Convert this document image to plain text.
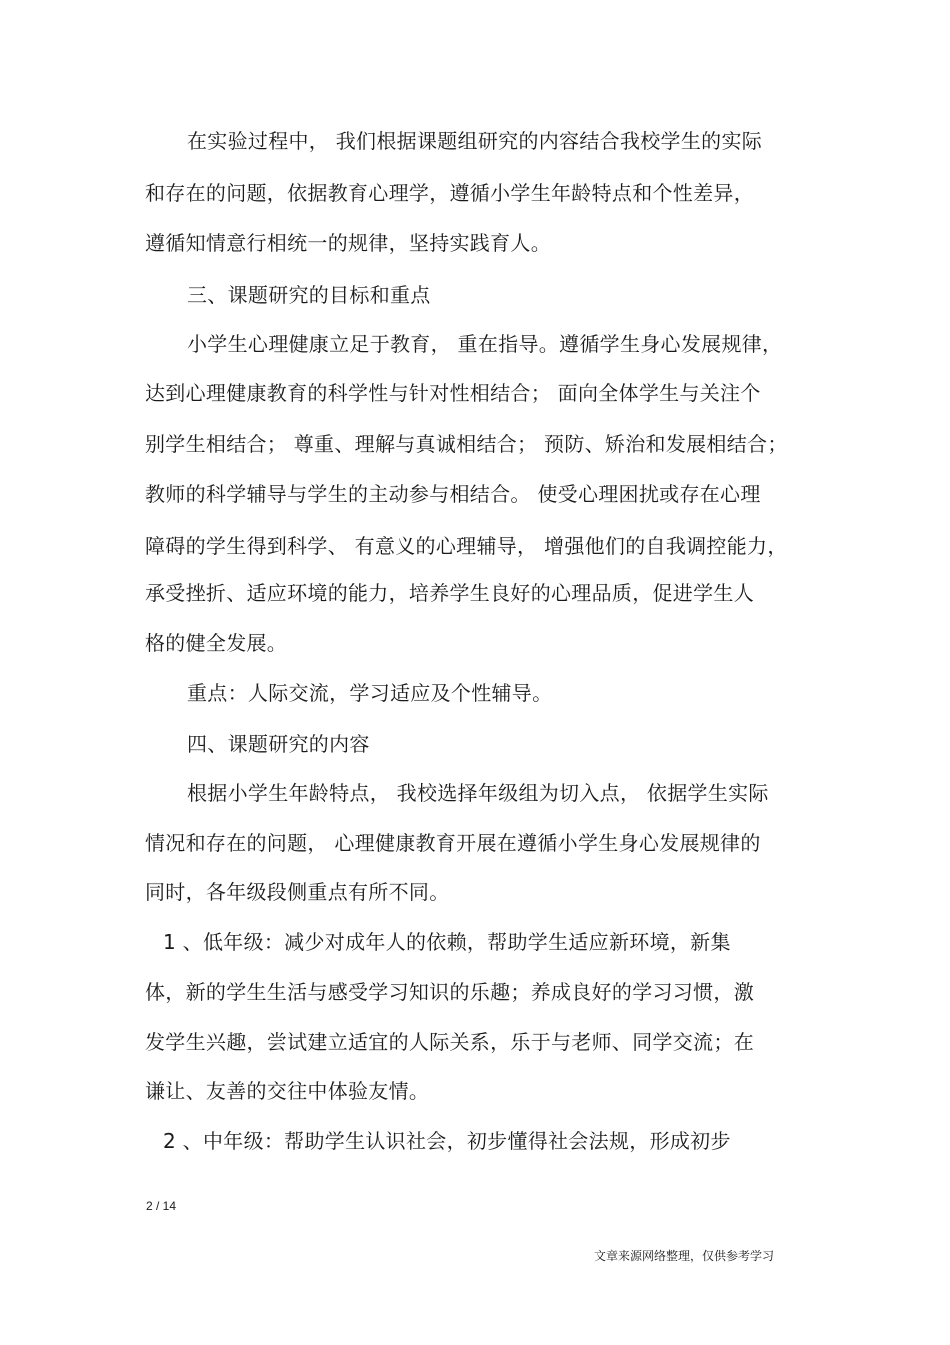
在实验过程中， 我们根据课题组研究的内容结合我校学生的实际

和存在的问题，依据教育心理学，遵循小学生年龄特点和个性差异，

遵循知情意行相统一的规律，坚持实践育人。

三、课题研究的目标和重点

小学生心理健康立足于教育， 重在指导。遵循学生身心发展规律，

达到心理健康教育的科学性与针对性相结合； 面向全体学生与关注个

别学生相结合； 尊重、理解与真诚相结合； 预防、矫治和发展相结合；

教师的科学辅导与学生的主动参与相结合。 使受心理困扰或存在心理

障碍的学生得到科学、 有意义的心理辅导， 增强他们的自我调控能力，

承受挫折、适应环境的能力，培养学生良好的心理品质，促进学生人

格的健全发展。

重点：人际交流，学习适应及个性辅导。

四、课题研究的内容

根据小学生年龄特点， 我校选择年级组为切入点， 依据学生实际

情况和存在的问题， 心理健康教育开展在遵循小学生身心发展规律的

同时，各年级段侧重点有所不同。

1 、低年级：减少对成年人的依赖，帮助学生适应新环境，新集

体，新的学生生活与感受学习知识的乐趣；养成良好的学习习惯，激

发学生兴趣，尝试建立适宜的人际关系，乐于与老师、同学交流；在

谦让、友善的交往中体验友情。

2 、中年级：帮助学生认识社会，初步懂得社会法规，形成初步

2 / 14
文章来源网络整理，仅供参考学习
